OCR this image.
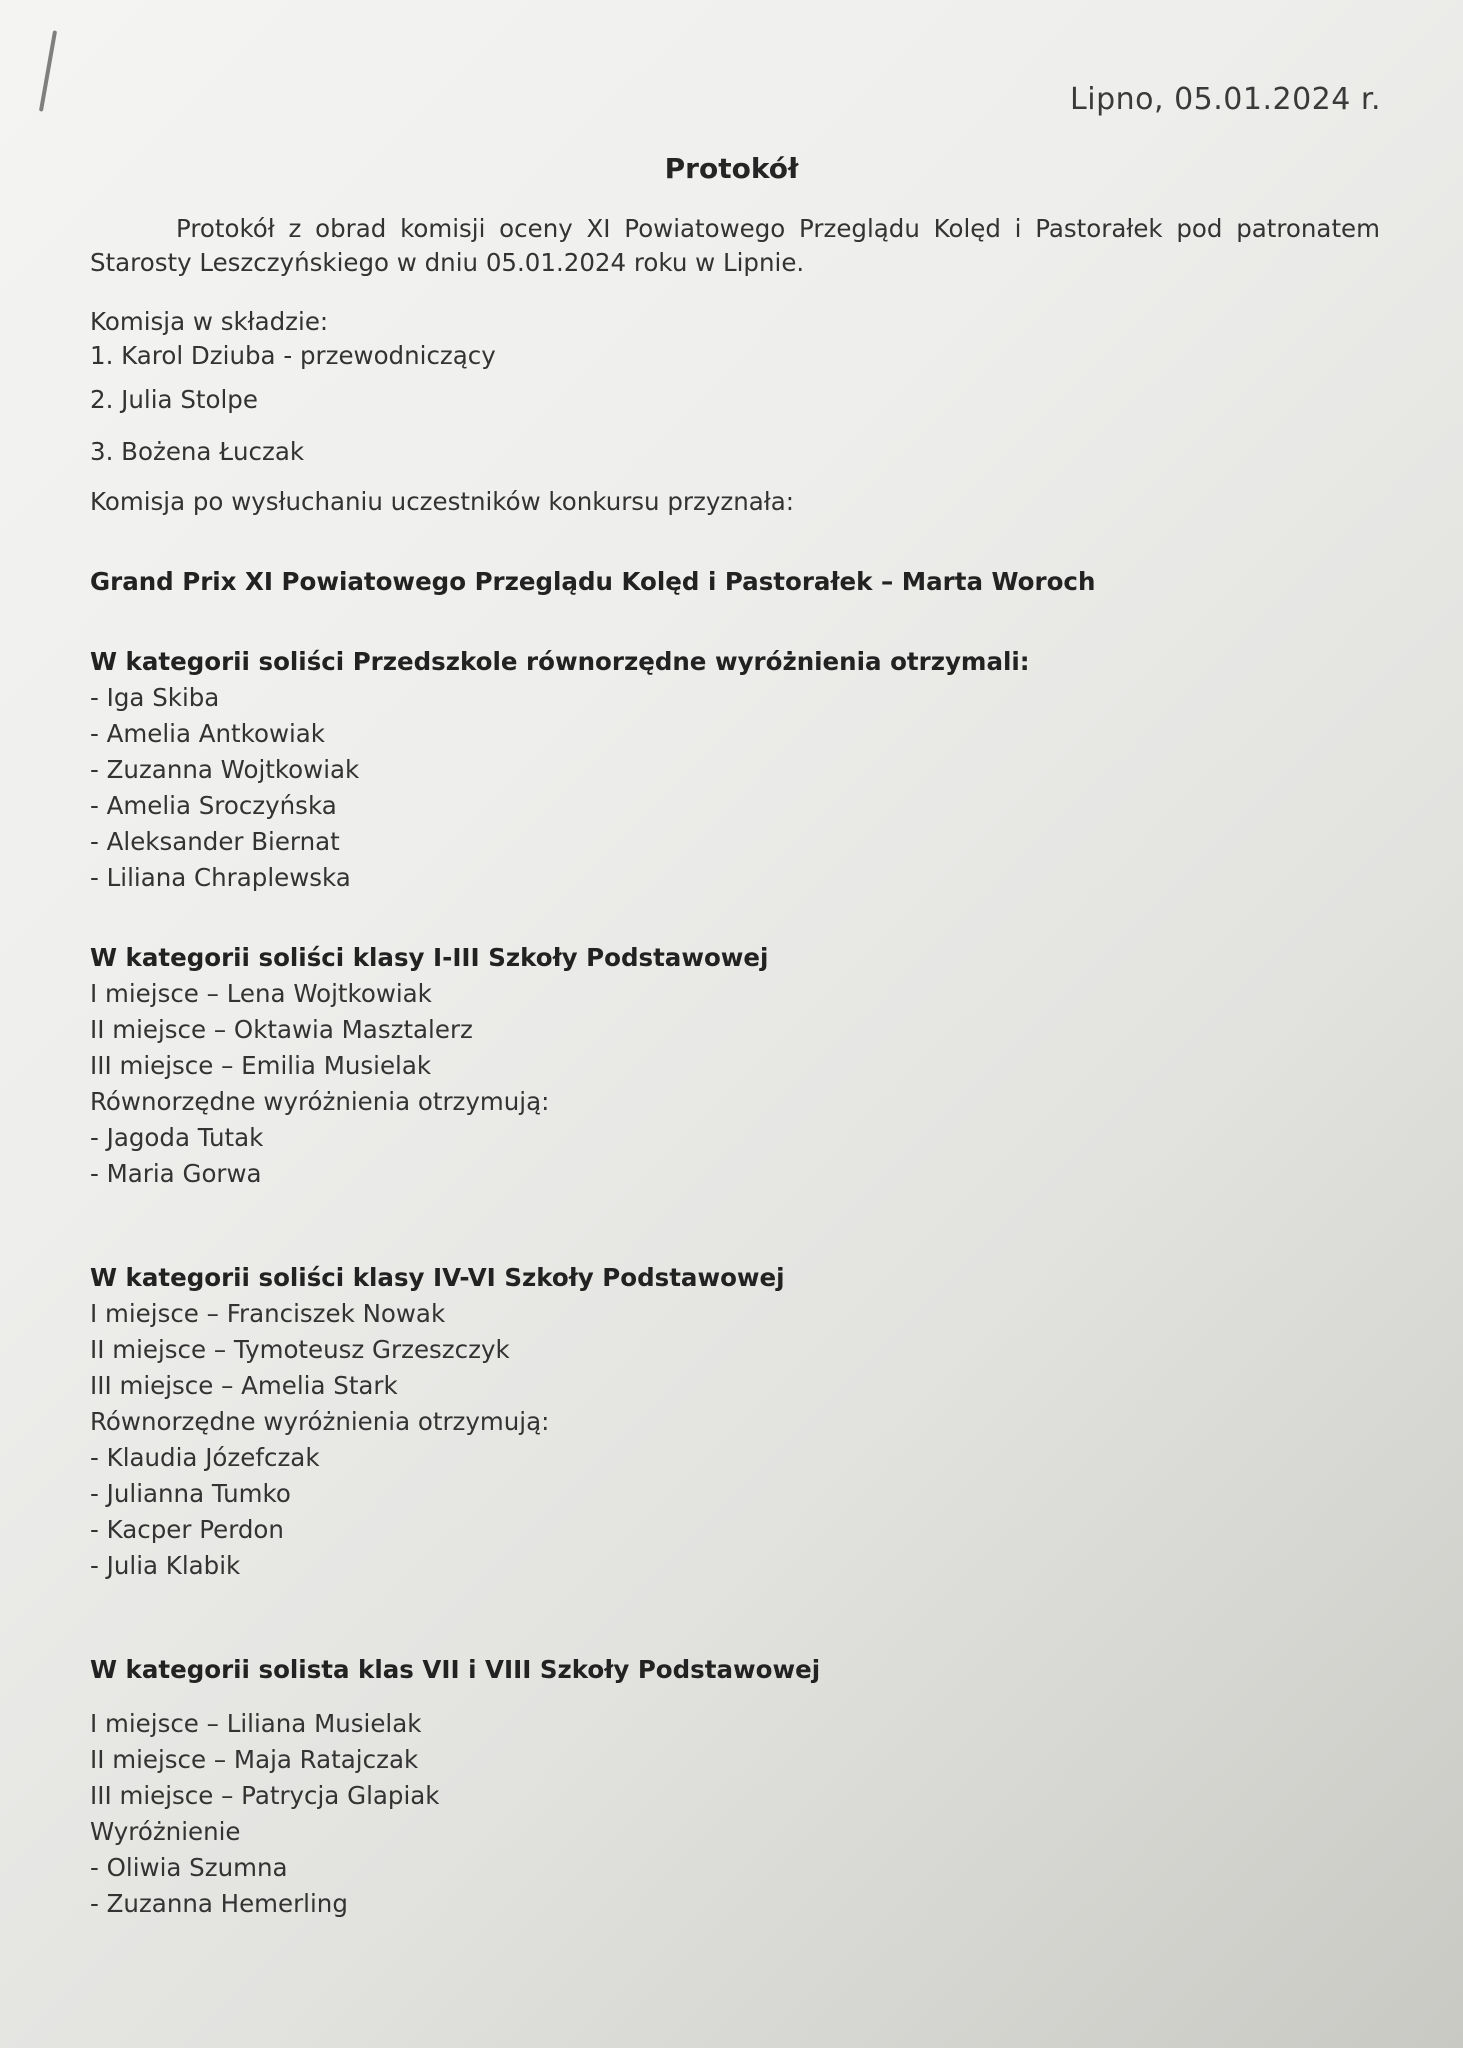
Lipno, 05.01.2024 r.
Protokół

Protokół z obrad komisji oceny XI Powiatowego Przeglądu Kolęd i Pastorałek pod patronatem Starosty Leszczyńskiego w dniu 05.01.2024 roku w Lipnie.

Komisja w składzie:

1. Karol Dziuba - przewodniczący

2. Julia Stolpe

3. Bożena Łuczak

Komisja po wysłuchaniu uczestników konkursu przyznała:

Grand Prix XI Powiatowego Przeglądu Kolęd i Pastorałek – Marta Woroch

W kategorii soliści Przedszkole równorzędne wyróżnienia otrzymali:

- Iga Skiba

- Amelia Antkowiak

- Zuzanna Wojtkowiak

- Amelia Sroczyńska

- Aleksander Biernat

- Liliana Chraplewska

W kategorii soliści klasy I-III Szkoły Podstawowej

I miejsce – Lena Wojtkowiak

II miejsce – Oktawia Masztalerz

III miejsce – Emilia Musielak

Równorzędne wyróżnienia otrzymują:

- Jagoda Tutak

- Maria Gorwa

W kategorii soliści klasy IV-VI Szkoły Podstawowej

I miejsce – Franciszek Nowak

II miejsce – Tymoteusz Grzeszczyk

III miejsce – Amelia Stark

Równorzędne wyróżnienia otrzymują:

- Klaudia Józefczak

- Julianna Tumko

- Kacper Perdon

- Julia Klabik

W kategorii solista klas VII i VIII Szkoły Podstawowej

I miejsce – Liliana Musielak

II miejsce – Maja Ratajczak

III miejsce – Patrycja Glapiak

Wyróżnienie

- Oliwia Szumna

- Zuzanna Hemerling
